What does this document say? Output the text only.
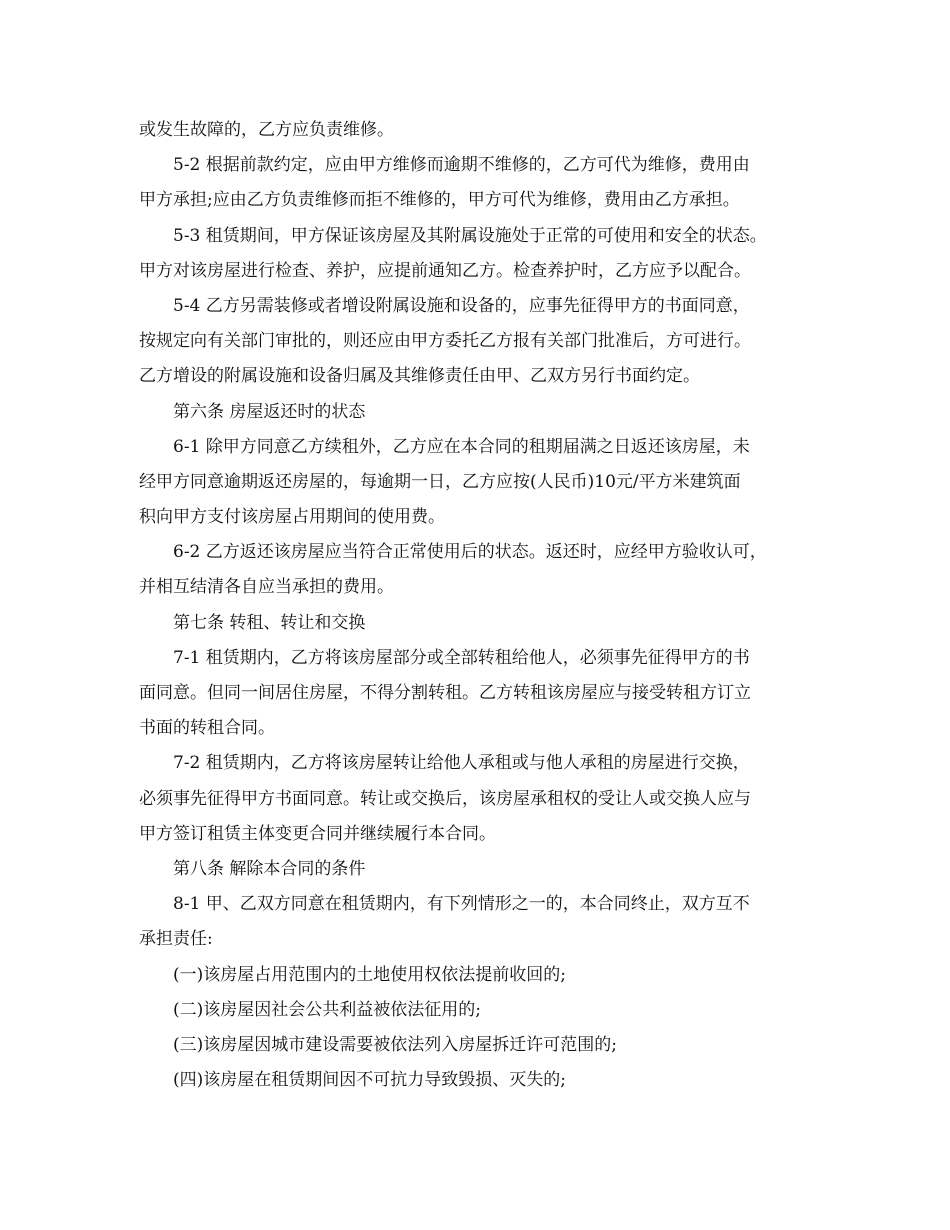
或发生故障的，乙方应负责维修。
5-2 根据前款约定，应由甲方维修而逾期不维修的，乙方可代为维修，费用由
甲方承担;应由乙方负责维修而拒不维修的，甲方可代为维修，费用由乙方承担。
5-3 租赁期间，甲方保证该房屋及其附属设施处于正常的可使用和安全的状态。
甲方对该房屋进行检查、养护，应提前通知乙方。检查养护时，乙方应予以配合。
5-4 乙方另需装修或者增设附属设施和设备的，应事先征得甲方的书面同意，
按规定向有关部门审批的，则还应由甲方委托乙方报有关部门批准后，方可进行。
乙方增设的附属设施和设备归属及其维修责任由甲、乙双方另行书面约定。
第六条 房屋返还时的状态
6-1 除甲方同意乙方续租外，乙方应在本合同的租期届满之日返还该房屋，未
经甲方同意逾期返还房屋的，每逾期一日，乙方应按(人民币)10元/平方米建筑面
积向甲方支付该房屋占用期间的使用费。
6-2 乙方返还该房屋应当符合正常使用后的状态。返还时，应经甲方验收认可，
并相互结清各自应当承担的费用。
第七条 转租、转让和交换
7-1 租赁期内，乙方将该房屋部分或全部转租给他人，必须事先征得甲方的书
面同意。但同一间居住房屋，不得分割转租。乙方转租该房屋应与接受转租方订立
书面的转租合同。
7-2 租赁期内，乙方将该房屋转让给他人承租或与他人承租的房屋进行交换，
必须事先征得甲方书面同意。转让或交换后，该房屋承租权的受让人或交换人应与
甲方签订租赁主体变更合同并继续履行本合同。
第八条 解除本合同的条件
8-1 甲、乙双方同意在租赁期内，有下列情形之一的，本合同终止，双方互不
承担责任:
(一)该房屋占用范围内的土地使用权依法提前收回的;
(二)该房屋因社会公共利益被依法征用的;
(三)该房屋因城市建设需要被依法列入房屋拆迁许可范围的;
(四)该房屋在租赁期间因不可抗力导致毁损、灭失的;
